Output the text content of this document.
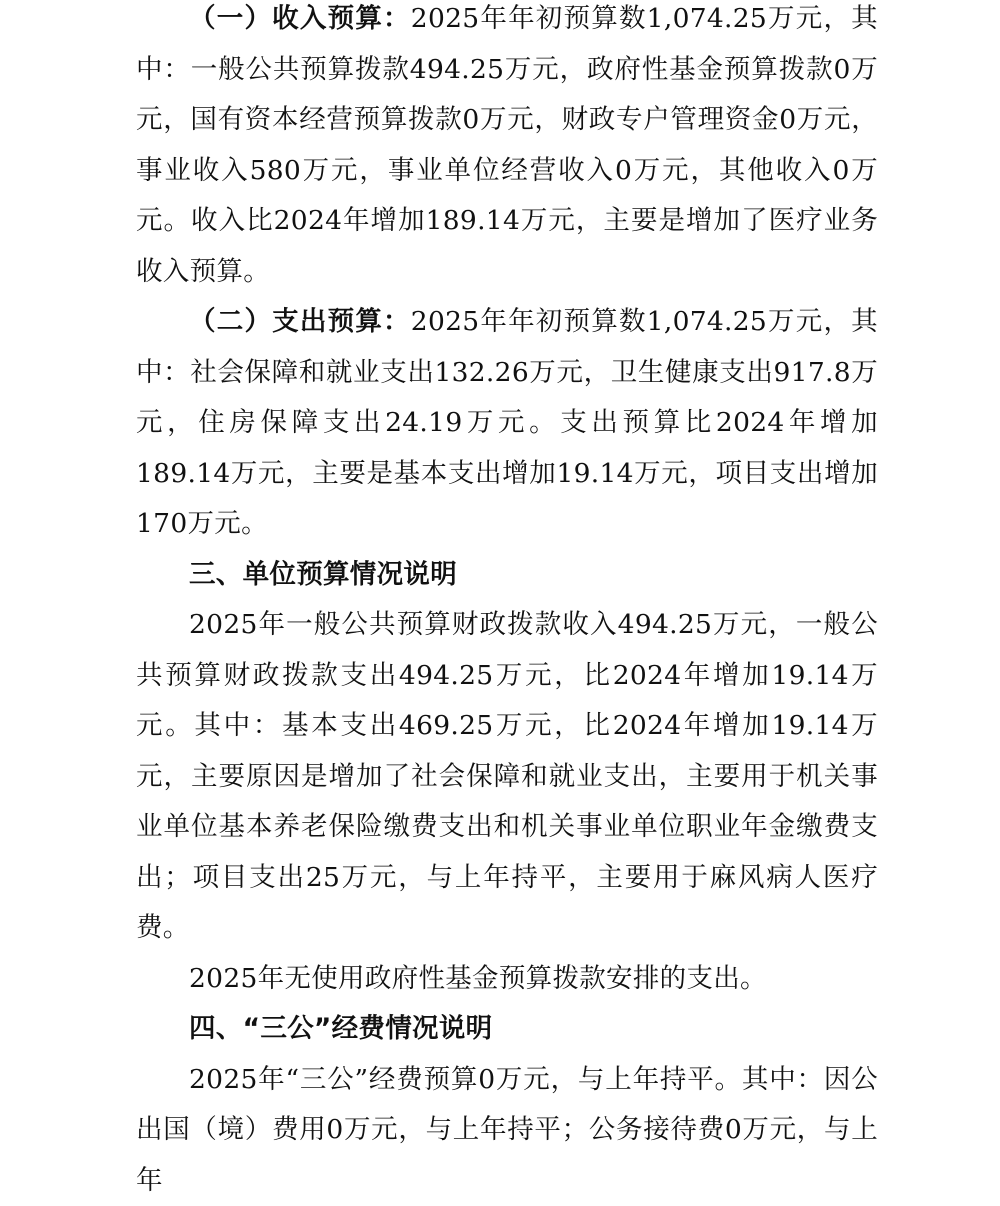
（一）收入预算：2025年年初预算数1,074.25万元，其中：一般公共预算拨款494.25万元，政府性基金预算拨款0万元，国有资本经营预算拨款0万元，财政专户管理资金0万元，事业收入580万元，事业单位经营收入0万元，其他收入0万元。收入比2024年增加189.14万元，主要是增加了医疗业务收入预算。

（二）支出预算：2025年年初预算数1,074.25万元，其中：社会保障和就业支出132.26万元，卫生健康支出917.8万元，住房保障支出24.19万元。支出预算比2024年增加189.14万元，主要是基本支出增加19.14万元，项目支出增加170万元。

三、单位预算情况说明

2025年一般公共预算财政拨款收入494.25万元，一般公共预算财政拨款支出494.25万元，比2024年增加19.14万元。其中：基本支出469.25万元，比2024年增加19.14万元，主要原因是增加了社会保障和就业支出，主要用于机关事业单位基本养老保险缴费支出和机关事业单位职业年金缴费支出；项目支出25万元，与上年持平，主要用于麻风病人医疗费。

2025年无使用政府性基金预算拨款安排的支出。

四、“三公”经费情况说明

2025年“三公”经费预算0万元，与上年持平。其中：因公出国（境）费用0万元，与上年持平；公务接待费0万元，与上年
